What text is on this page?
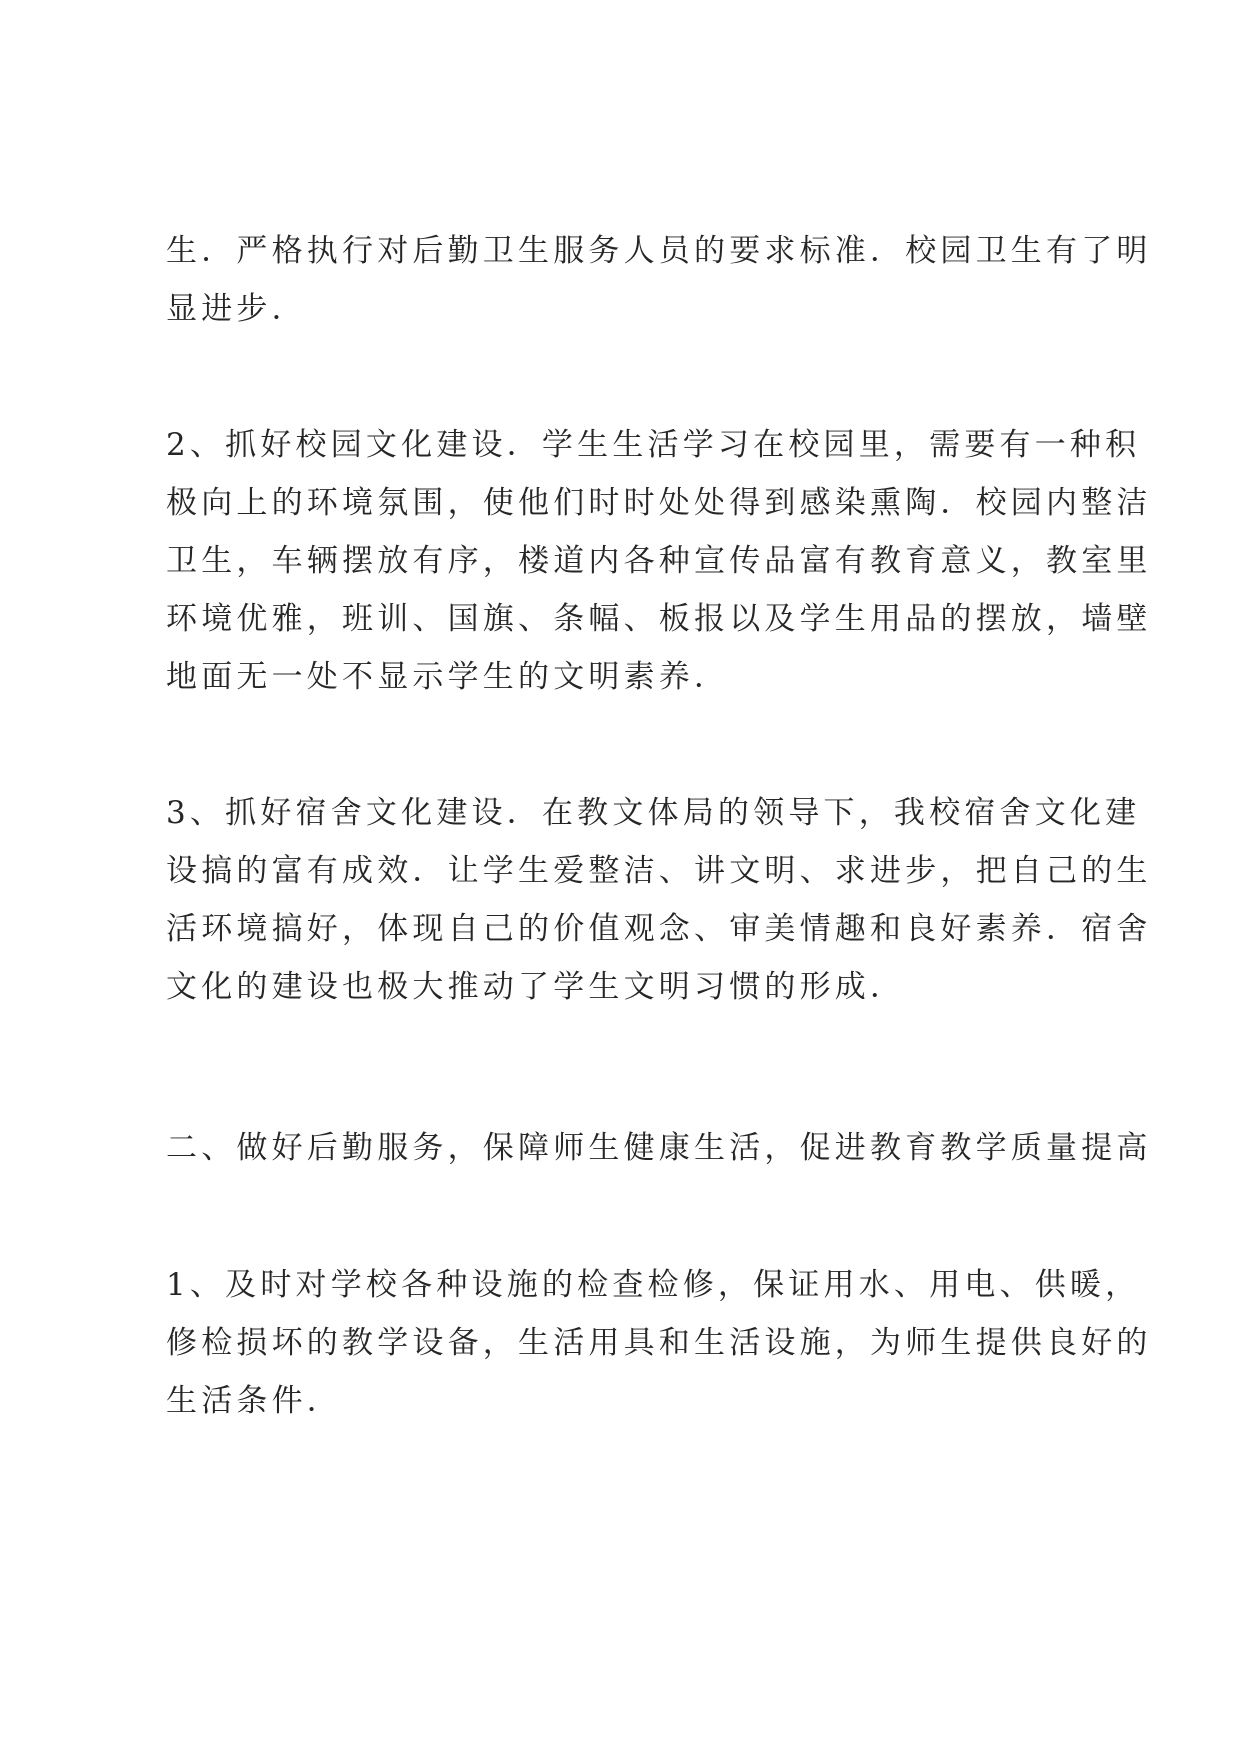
生．严格执行对后勤卫生服务人员的要求标准．校园卫生有了明
显进步．

2、抓好校园文化建设．学生生活学习在校园里，需要有一种积
极向上的环境氛围，使他们时时处处得到感染熏陶．校园内整洁
卫生，车辆摆放有序，楼道内各种宣传品富有教育意义，教室里
环境优雅，班训、国旗、条幅、板报以及学生用品的摆放，墙壁
地面无一处不显示学生的文明素养．

3、抓好宿舍文化建设．在教文体局的领导下，我校宿舍文化建
设搞的富有成效．让学生爱整洁、讲文明、求进步，把自己的生
活环境搞好，体现自己的价值观念、审美情趣和良好素养．宿舍
文化的建设也极大推动了学生文明习惯的形成．

二、做好后勤服务，保障师生健康生活，促进教育教学质量提高

1、及时对学校各种设施的检查检修，保证用水、用电、供暖，
修检损坏的教学设备，生活用具和生活设施，为师生提供良好的
生活条件．
